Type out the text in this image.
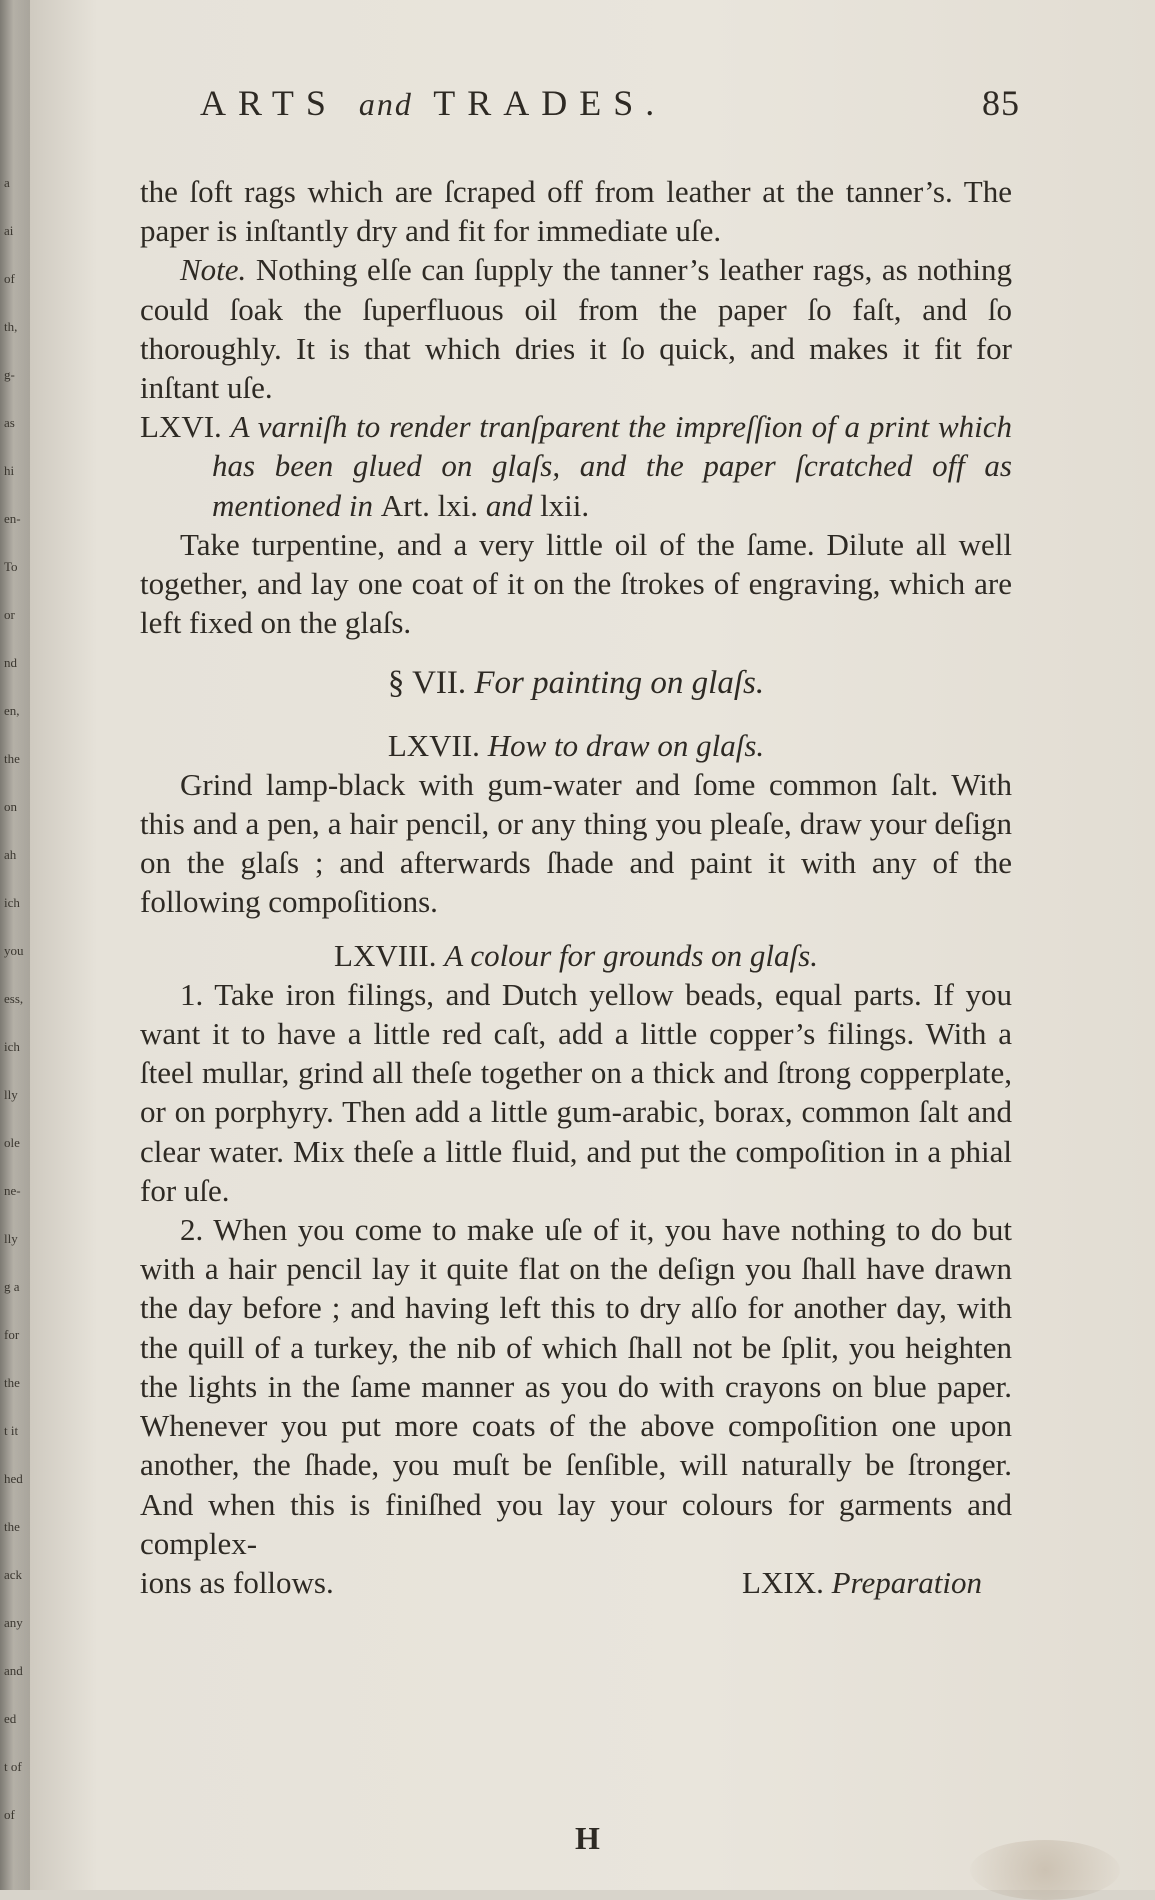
a
ai
of
th,
g-
as
hi
en-
To
or
nd
en,
the
on
ah
ich
you
ess,
ich
lly
ole
ne-
lly
g a
for
the
t it
hed
the
ack
any
and
ed
t of
of
ARTS and TRADES.	85

the ſoft rags which are ſcraped off from leather at the tanner’s. The paper is inſtantly dry and fit for immediate uſe.

Note. Nothing elſe can ſupply the tanner’s leather rags, as nothing could ſoak the ſuperfluous oil from the paper ſo faſt, and ſo thoroughly. It is that which dries it ſo quick, and makes it fit for inſtant uſe.

LXVI. A varniſh to render tranſparent the impreſſion of a print which has been glued on glaſs, and the paper ſcratched off as mentioned in Art. lxi. and lxii.

Take turpentine, and a very little oil of the ſame. Dilute all well together, and lay one coat of it on the ſtrokes of engraving, which are left fixed on the glaſs.

§ VII. For painting on glaſs.

LXVII. How to draw on glaſs.

Grind lamp-black with gum-water and ſome common ſalt. With this and a pen, a hair pencil, or any thing you pleaſe, draw your deſign on the glaſs ; and afterwards ſhade and paint it with any of the following compoſitions.

LXVIII. A colour for grounds on glaſs.

1. Take iron filings, and Dutch yellow beads, equal parts. If you want it to have a little red caſt, add a little copper’s filings. With a ſteel mullar, grind all theſe together on a thick and ſtrong copperplate, or on porphyry. Then add a little gum-arabic, borax, common ſalt and clear water. Mix theſe a little fluid, and put the compoſition in a phial for uſe.

2. When you come to make uſe of it, you have nothing to do but with a hair pencil lay it quite flat on the deſign you ſhall have drawn the day before ; and having left this to dry alſo for another day, with the quill of a turkey, the nib of which ſhall not be ſplit, you heighten the lights in the ſame manner as you do with crayons on blue paper. Whenever you put more coats of the above compoſition one upon another, the ſhade, you muſt be ſenſible, will naturally be ſtronger. And when this is finiſhed you lay your colours for garments and complex-

ions as follows.	LXIX. Preparation

H
